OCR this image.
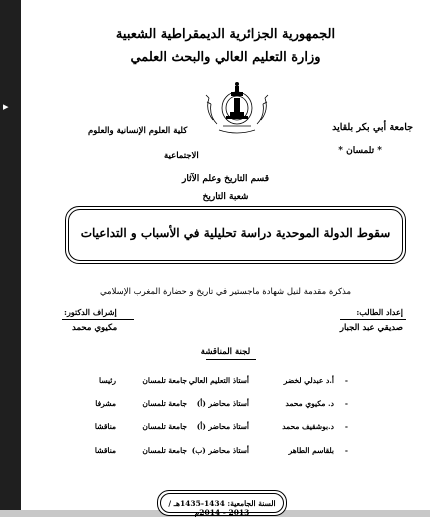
▸
الجمهورية الجزائرية الديمقراطية الشعبية
وزارة التعليم العالي والبحث العلمي
جامعة أبي بكر بلقايد
* تلمسان *
كلية العلوم الإنسانية والعلوم
الاجتماعية
قسم التاريخ وعلم الآثار
شعبة التاريخ
سقوط الدولة الموحدية دراسة تحليلية في الأسباب و التداعيات
مذكرة مقدمة لنيل شهادة ماجستير في تاريخ و حضارة المغرب الإسلامي
إشراف الدكتور:	إعداد الطالب:
مكيوي محمد	صديقي عبد الجبار
لجنة المناقشة
-
أ.د عبدلي لخضر
أستاذ التعليم العالي
جامعة تلمسان
رئيسا
-
د. مكيوي محمد
أستاذ محاضر (أ)
جامعة تلمسان
مشرفا
-
د.بوشقيف محمد
أستاذ محاضر (أ)
جامعة تلمسان
مناقشا
-
بلقاسم الطاهر
أستاذ محاضر (ب)
جامعة تلمسان
مناقشا
السنة الجامعية: 1434-1435هـ / 2013 - 2014م
